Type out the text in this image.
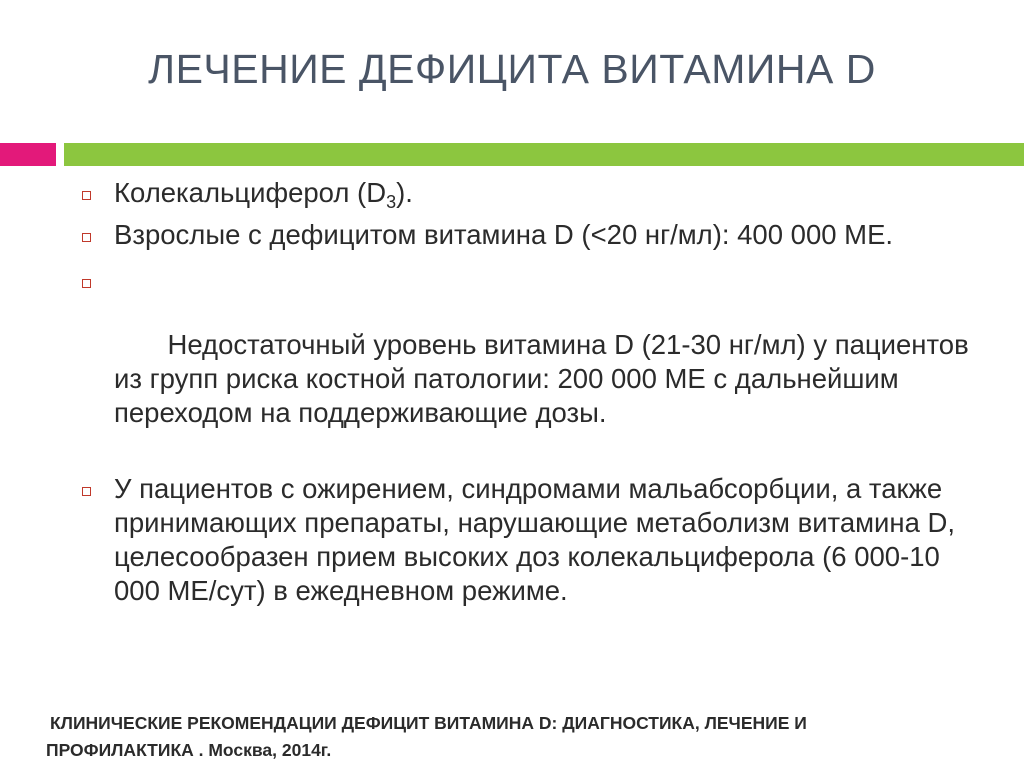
ЛЕЧЕНИЕ ДЕФИЦИТА ВИТАМИНА D
Колекальциферол $(D_3)$.
Взрослые с дефицитом витамина D (<20 нг/мл): 400 000 МЕ.

Недостаточный уровень витамина D (21-30 нг/мл) у пациентов из групп риска костной патологии: 200 000 МЕ с дальнейшим переходом на поддерживающие дозы.

У пациентов с ожирением, синдромами мальабсорбции, а также принимающих препараты, нарушающие метаболизм витамина D, целесообразен прием высоких доз колекальциферола (6 000-10 000 МЕ/сут) в ежедневном режиме.
КЛИНИЧЕСКИЕ РЕКОМЕНДАЦИИ ДЕФИЦИТ ВИТАМИНА D: ДИАГНОСТИКА, ЛЕЧЕНИЕ И
ПРОФИЛАКТИКА . Москва, 2014г.
